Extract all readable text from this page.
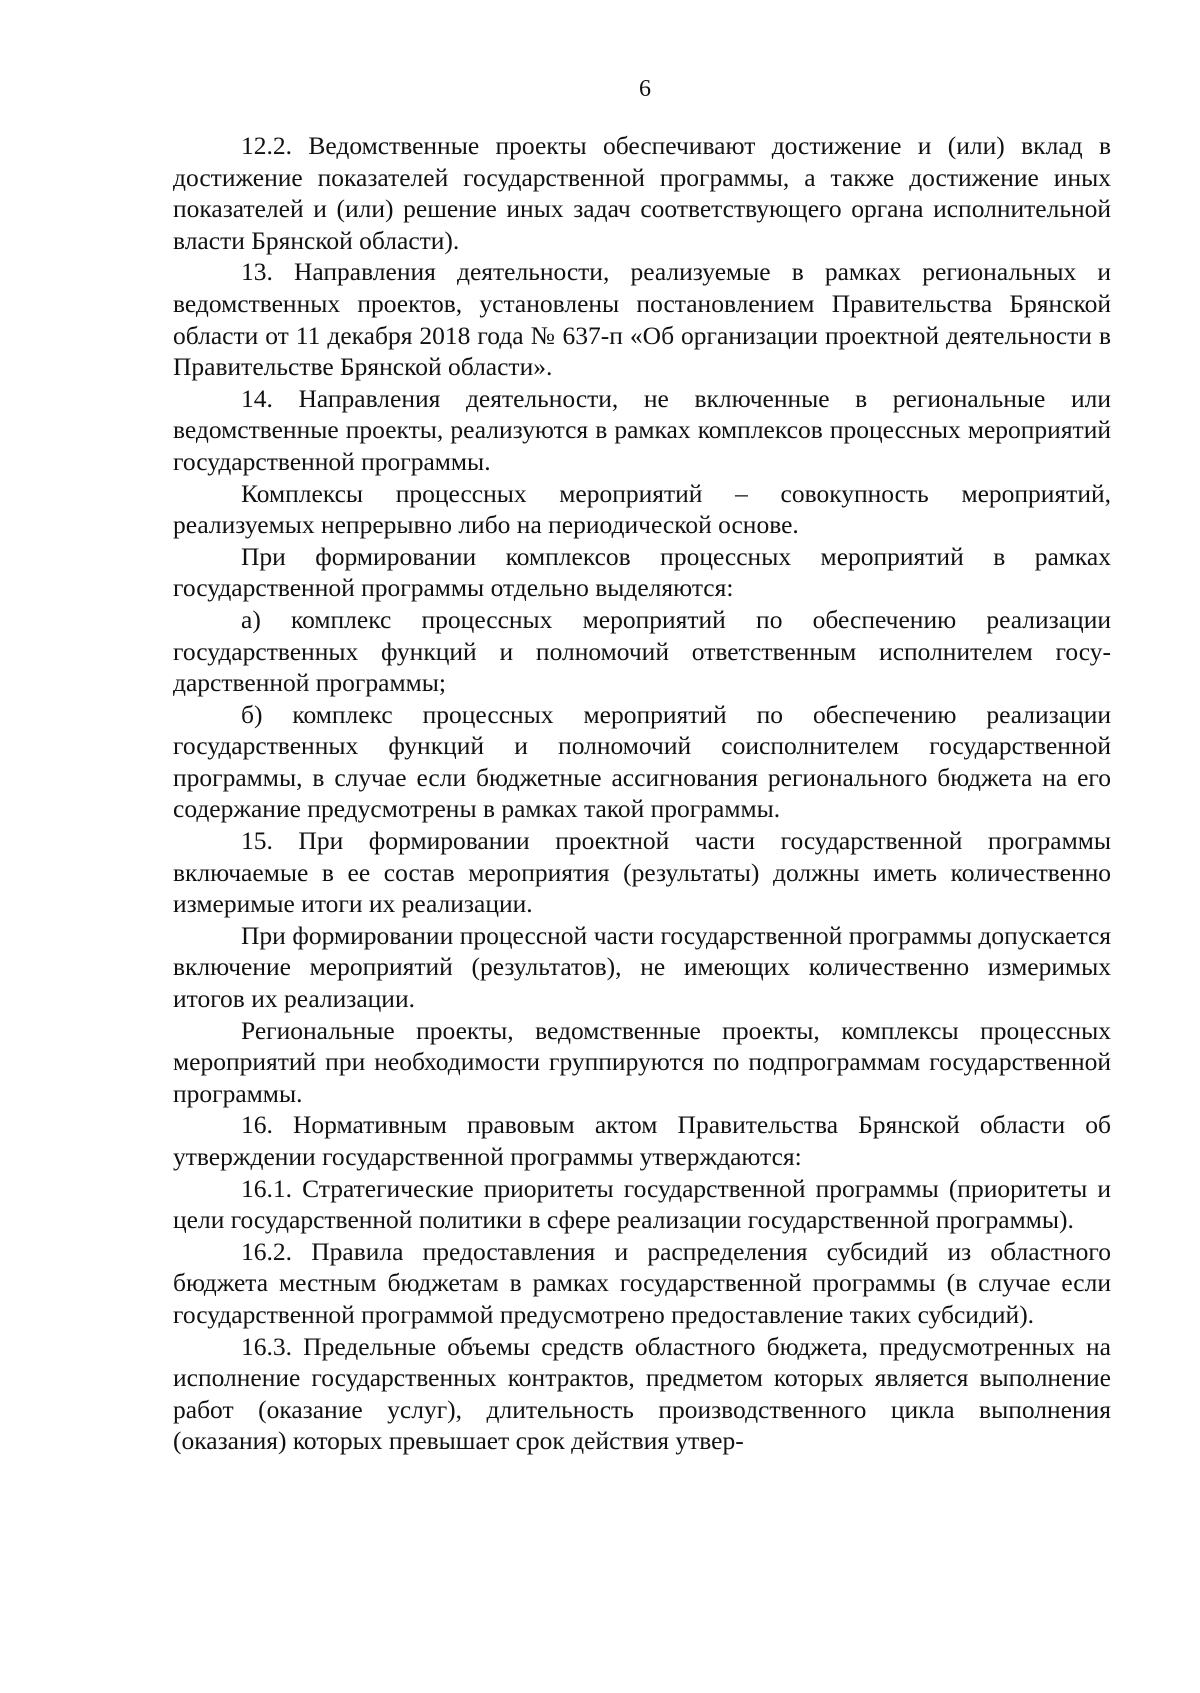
6

12.2. Ведомственные проекты обеспечивают достижение и (или) вклад в достижение показателей государственной программы, а также достижение иных показателей и (или) решение иных задач соответствующего органа исполнительной власти Брянской области).

13. Направления деятельности, реализуемые в рамках региональных и ведомственных проектов, установлены постановлением Правительства Брянской области от 11 декабря 2018 года № 637-п «Об организации проектной деятельности в Правительстве Брянской области».

14. Направления деятельности, не включенные в региональные или ведомственные проекты, реализуются в рамках комплексов процессных мероприятий государственной программы.

Комплексы процессных мероприятий – совокупность мероприятий, реализуемых непрерывно либо на периодической основе.

При формировании комплексов процессных мероприятий в рамках государственной программы отдельно выделяются:

а) комплекс процессных мероприятий по обеспечению реализации государственных функций и полномочий ответственным исполнителем государственной программы;

б) комплекс процессных мероприятий по обеспечению реализации государственных функций и полномочий соисполнителем государственной программы, в случае если бюджетные ассигнования регионального бюджета на его содержание предусмотрены в рамках такой программы.

15. При формировании проектной части государственной программы включаемые в ее состав мероприятия (результаты) должны иметь количественно измеримые итоги их реализации.

При формировании процессной части государственной программы допускается включение мероприятий (результатов), не имеющих количественно измеримых итогов их реализации.

Региональные проекты, ведомственные проекты, комплексы процессных мероприятий при необходимости группируются по подпрограммам государственной программы.

16. Нормативным правовым актом Правительства Брянской области об утверждении государственной программы утверждаются:

16.1. Стратегические приоритеты государственной программы (приоритеты и цели государственной политики в сфере реализации государственной программы).

16.2. Правила предоставления и распределения субсидий из областного бюджета местным бюджетам в рамках государственной программы (в случае если государственной программой предусмотрено предоставление таких субсидий).

16.3. Предельные объемы средств областного бюджета, предусмотренных на исполнение государственных контрактов, предметом которых является выполнение работ (оказание услуг), длительность производственного цикла выполнения (оказания) которых превышает срок действия утвер-
